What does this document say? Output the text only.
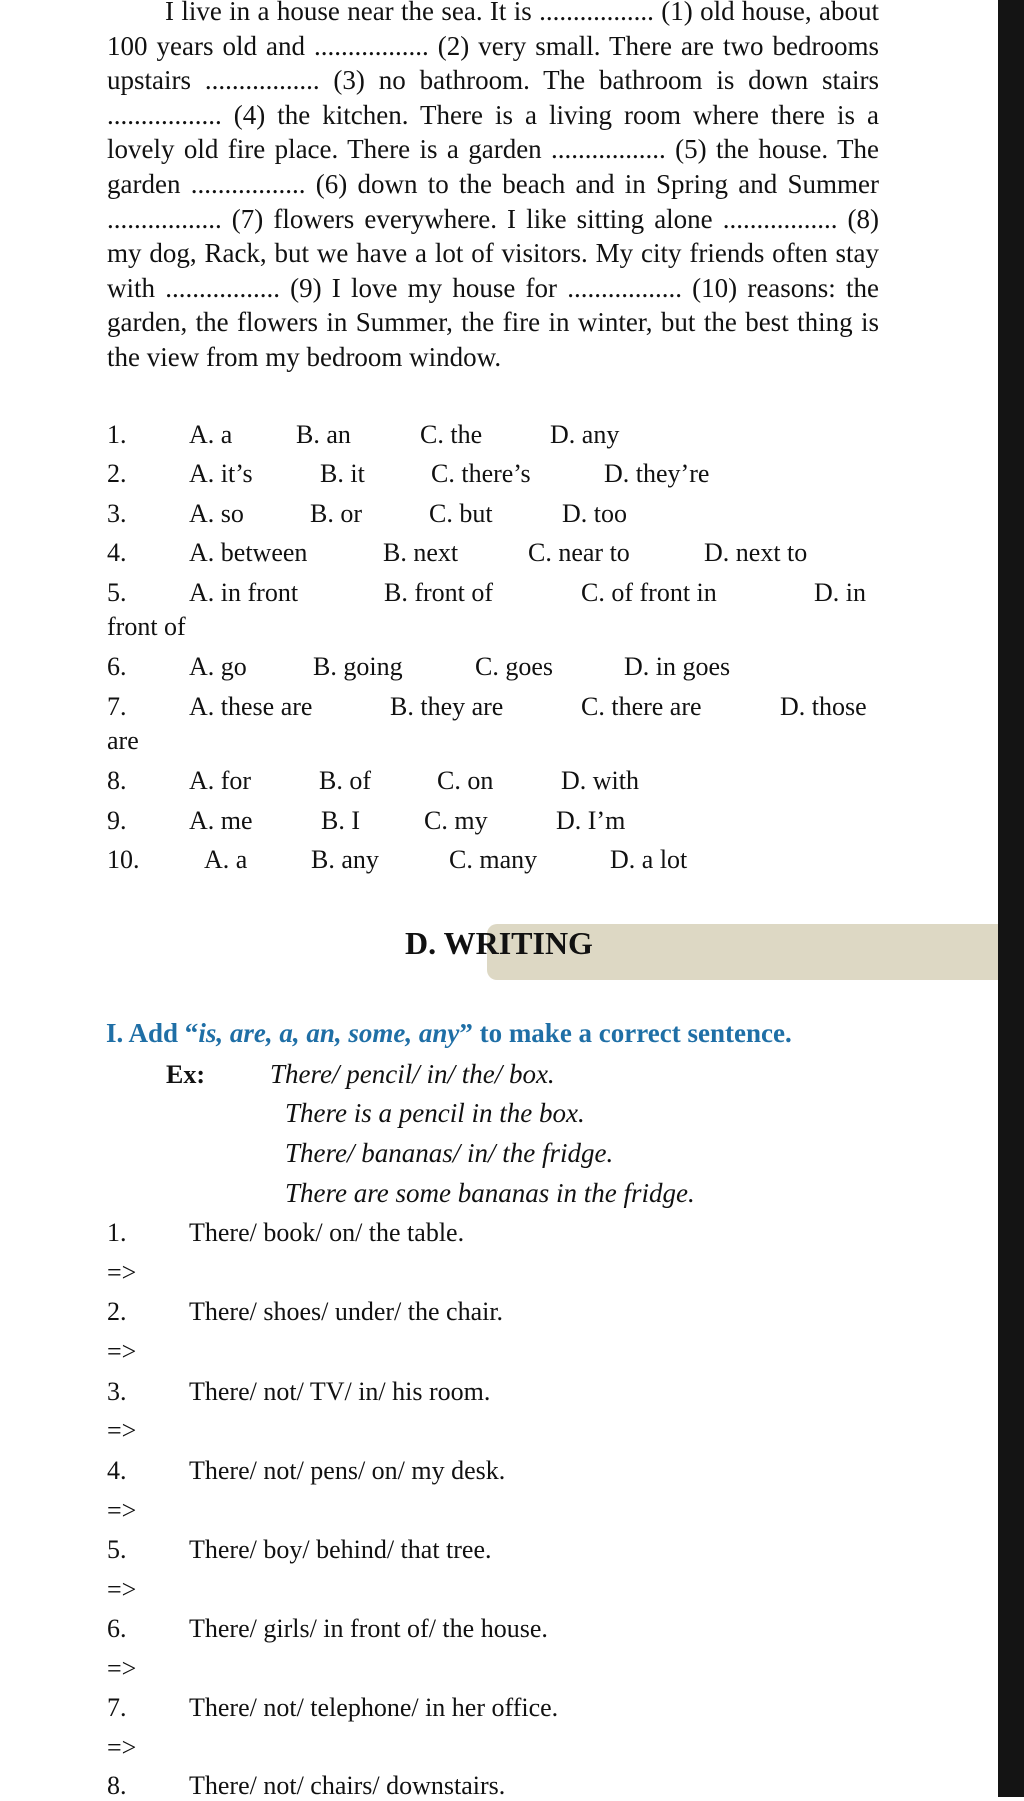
I live in a house near the sea. It is ................. (1) old house, about 100 years old and ................. (2) very small. There are two bedrooms upstairs ................. (3) no bathroom. The bathroom is down stairs ................. (4) the kitchen. There is a living room where there is a lovely old fire place. There is a garden ................. (5) the house. The garden ................. (6) down to the beach and in Spring and Summer ................. (7) flowers everywhere. I like sitting alone ................. (8) my dog, Rack, but we have a lot of visitors. My city friends often stay with ................. (9) I love my house for ................. (10) reasons: the garden, the flowers in Summer, the fire in winter, but the best thing is the view from my bedroom window.

1. A. a B. an	C. the	D. any
2. A. it’s	B. it	C. there’s	D. they’re
3. A. so	B. or	C. but	D. too
4. A. between	B. next	C. near to	D. next to
5. A. in front	B. front of	C. of front in	D. in
front of
6. A. go	B. going	C. goes	D. in goes
7. A. these are	B. they are	C. there are	D. those
are
8. A. for	B. of	C. on	D. with
9. A. me	B. I C. my	D. I’m
10. A. a B. any	C. many	D. a lot
D. WRITING
I. Add “is, are, a, an, some, any” to make a correct sentence.
Ex: There/ pencil/ in/ the/ box.
There is a pencil in the box.
There/ bananas/ in/ the fridge.
There are some bananas in the fridge.
1. There/ book/ on/ the table.
=>
2. There/ shoes/ under/ the chair.
=>
3. There/ not/ TV/ in/ his room.
=>
4. There/ not/ pens/ on/ my desk.
=>
5. There/ boy/ behind/ that tree.
=>
6. There/ girls/ in front of/ the house.
=>
7. There/ not/ telephone/ in her office.
=>
8. There/ not/ chairs/ downstairs.
